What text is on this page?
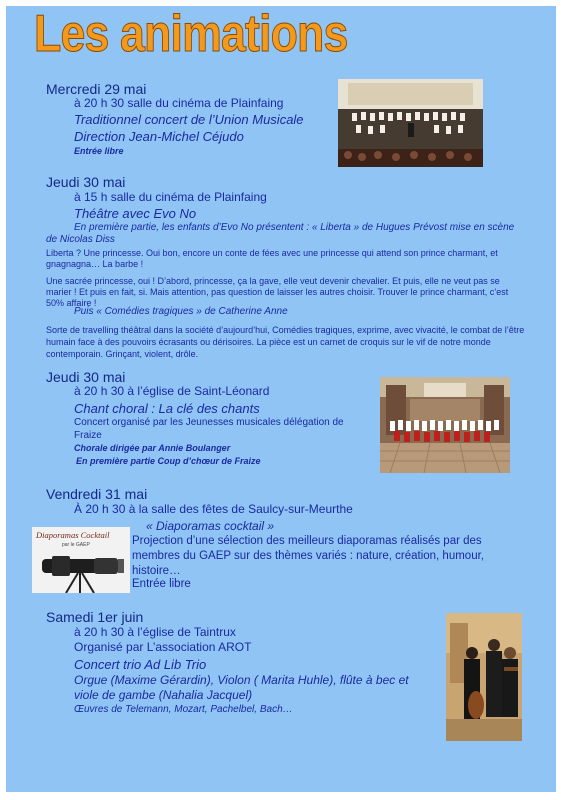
Les animations
Mercredi 29 mai
à 20 h 30 salle du cinéma de Plainfaing
Traditionnel concert de l’Union Musicale
Direction Jean-Michel Céjudo
Entrée libre
Jeudi 30 mai
à 15 h salle du cinéma de Plainfaing
Théâtre avec Evo No
En première partie, les enfants d’Evo No présentent : « Liberta » de Hugues Prévost mise en scène de Nicolas Diss
Liberta ? Une princesse. Oui bon, encore un conte de fées avec une princesse qui attend son prince charmant, et gnagnagna… La barbe !
Une sacrée princesse, oui ! D’abord, princesse, ça la gave, elle veut devenir chevalier. Et puis, elle ne veut pas se marier ! Et puis en fait, si. Mais attention, pas question de laisser les autres choisir. Trouver le prince charmant, c’est 50% affaire !
Puis « Comédies tragiques » de Catherine Anne
Sorte de travelling théâtral dans la société d’aujourd’hui, Comédies tragiques, exprime, avec vivacité, le combat de l’être humain face à des pouvoirs écrasants ou dérisoires. La pièce est un carnet de croquis sur le vif de notre monde contemporain. Grinçant, violent, drôle.
Jeudi 30 mai
à 20 h 30 à l’église de Saint-Léonard
Chant choral : La clé des chants
Concert organisé par les Jeunesses musicales délégation de
Fraize
Chorale dirigée par Annie Boulanger
En première partie Coup d’chœur de Fraize
Vendredi 31 mai
À 20 h 30 à la salle des fêtes de Saulcy-sur-Meurthe
« Diaporamas cocktail »
Projection d’une sélection des meilleurs diaporamas réalisés par des membres du GAEP sur des thèmes variés : nature, création, humour, histoire…
Entrée libre
Diaporamas Cocktail
par le GAEP
Samedi 1er juin
à 20 h 30 à l’église de Taintrux
Organisé par L’association AROT
Concert trio Ad Lib Trio
Orgue (Maxime Gérardin), Violon ( Marita Huhle), flûte à bec et
viole de gambe (Nahalia Jacquel)
Œuvres de Telemann, Mozart, Pachelbel, Bach…
